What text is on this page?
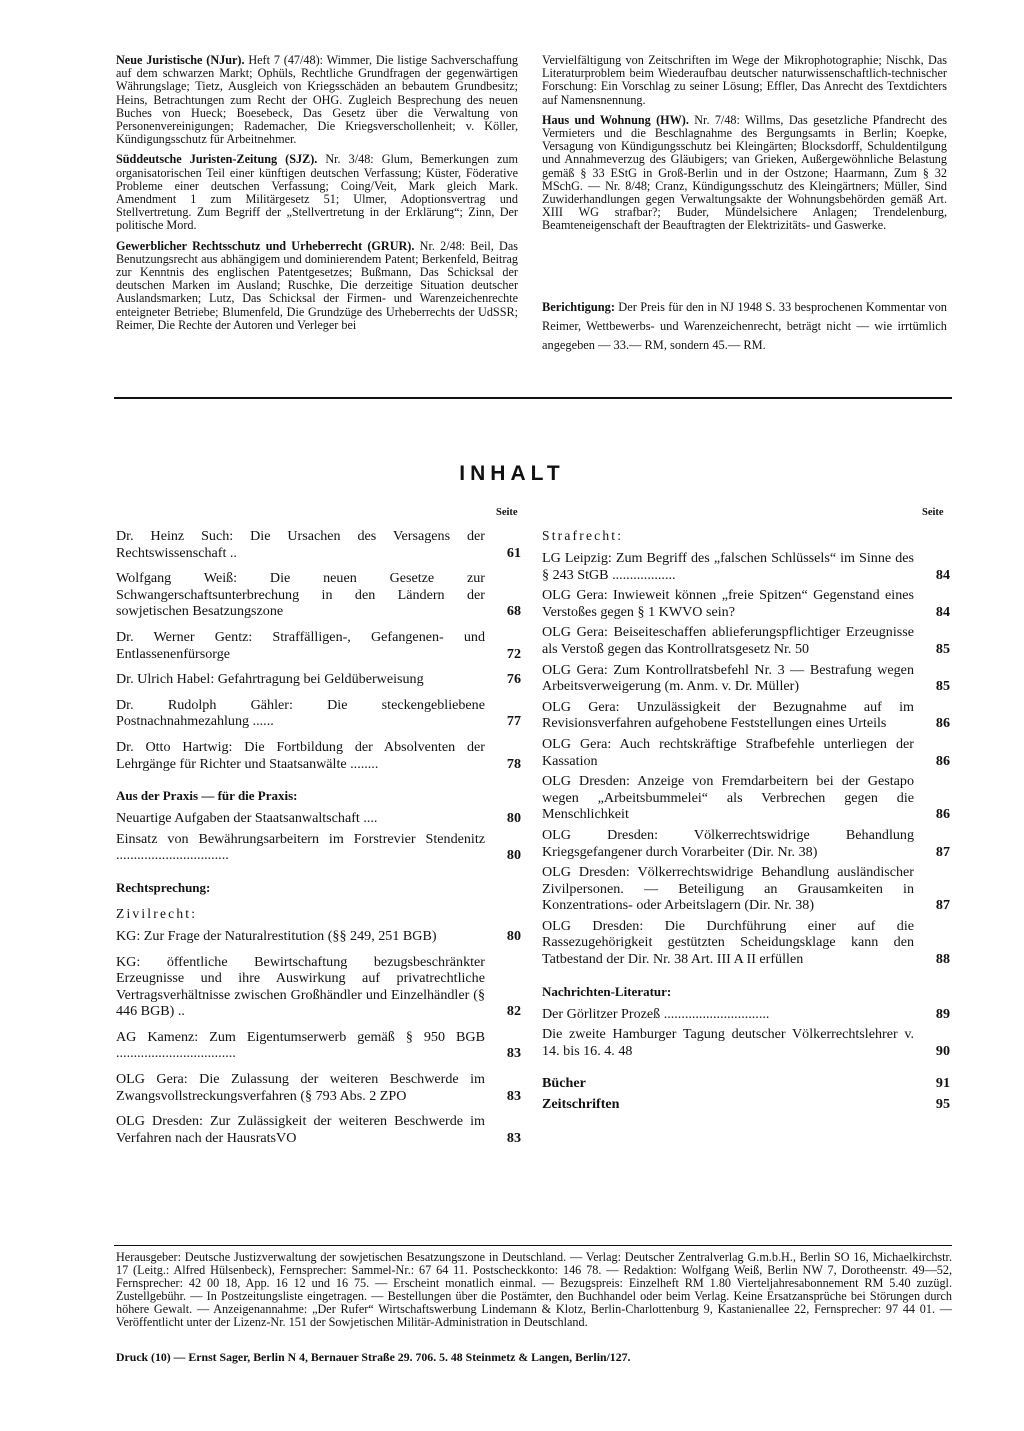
Neue Juristische (NJur). Heft 7 (47/48): Wimmer, Die listige Sachverschaffung auf dem schwarzen Markt; Ophüls, Rechtliche Grundfragen der gegenwärtigen Währungslage; Tietz, Ausgleich von Kriegsschäden an bebautem Grundbesitz; Heins, Betrachtungen zum Recht der OHG. Zugleich Besprechung des neuen Buches von Hueck; Boesebeck, Das Gesetz über die Verwaltung von Personenvereinigungen; Rademacher, Die Kriegsverschollenheit; v. Köller, Kündigungsschutz für Arbeitnehmer.

Süddeutsche Juristen-Zeitung (SJZ). Nr. 3/48: Glum, Bemerkungen zum organisatorischen Teil einer künftigen deutschen Verfassung; Küster, Föderative Probleme einer deutschen Verfassung; Coing/Veit, Mark gleich Mark. Amendment 1 zum Militärgesetz 51; Ulmer, Adoptionsvertrag und Stellvertretung. Zum Begriff der „Stellvertretung in der Erklärung“; Zinn, Der politische Mord.

Gewerblicher Rechtsschutz und Urheberrecht (GRUR). Nr. 2/48: Beil, Das Benutzungsrecht aus abhängigem und dominierendem Patent; Berkenfeld, Beitrag zur Kenntnis des englischen Patentgesetzes; Bußmann, Das Schicksal der deutschen Marken im Ausland; Ruschke, Die derzeitige Situation deutscher Auslandsmarken; Lutz, Das Schicksal der Firmen- und Warenzeichenrechte enteigneter Betriebe; Blumenfeld, Die Grundzüge des Urheberrechts der UdSSR; Reimer, Die Rechte der Autoren und Verleger bei

Vervielfältigung von Zeitschriften im Wege der Mikrophotographie; Nischk, Das Literaturproblem beim Wiederaufbau deutscher naturwissenschaftlich-technischer Forschung: Ein Vorschlag zu seiner Lösung; Effler, Das Anrecht des Textdichters auf Namensnennung.

Haus und Wohnung (HW). Nr. 7/48: Willms, Das gesetzliche Pfandrecht des Vermieters und die Beschlagnahme des Bergungsamts in Berlin; Koepke, Versagung von Kündigungsschutz bei Kleingärten; Blocksdorff, Schuldentilgung und Annahmeverzug des Gläubigers; van Grieken, Außergewöhnliche Belastung gemäß § 33 EStG in Groß-Berlin und in der Ostzone; Haarmann, Zum § 32 MSchG. — Nr. 8/48; Cranz, Kündigungsschutz des Kleingärtners; Müller, Sind Zuwiderhandlungen gegen Verwaltungsakte der Wohnungsbehörden gemäß Art. XIII WG strafbar?; Buder, Mündelsichere Anlagen; Trendelenburg, Beamteneigenschaft der Beauftragten der Elektrizitäts- und Gaswerke.

Berichtigung: Der Preis für den in NJ 1948 S. 33 besprochenen Kommentar von Reimer, Wettbewerbs- und Warenzeichenrecht, beträgt nicht — wie irrtümlich angegeben — 33.— RM, sondern 45.— RM.
INHALT
Seite	Seite
Dr. Heinz Such: Die Ursachen des Versagens der Rechtswissenschaft ..	61
Wolfgang Weiß: Die neuen Gesetze zur Schwangerschaftsunterbrechung in den Ländern der sowjetischen Besatzungszone	68
Dr. Werner Gentz: Straffälligen-, Gefangenen- und Entlassenenfürsorge	72
Dr. Ulrich Habel: Gefahrtragung bei Geldüberweisung	76
Dr. Rudolph Gähler: Die steckengebliebene Postnachnahmezahlung ......	77
Dr. Otto Hartwig: Die Fortbildung der Absolventen der Lehrgänge für Richter und Staatsanwälte ........	78
Aus der Praxis — für die Praxis:
Neuartige Aufgaben der Staatsanwaltschaft ....	80
Einsatz von Bewährungsarbeitern im Forstrevier Stendenitz ................................	80
Rechtsprechung:
Zivilrecht:
KG: Zur Frage der Naturalrestitution (§§ 249, 251 BGB)	80
KG: öffentliche Bewirtschaftung bezugsbeschränkter Erzeugnisse und ihre Auswirkung auf privatrechtliche Vertragsverhältnisse zwischen Großhändler und Einzelhändler (§ 446 BGB) ..	82
AG Kamenz: Zum Eigentumserwerb gemäß § 950 BGB ..................................	83
OLG Gera: Die Zulassung der weiteren Beschwerde im Zwangsvollstreckungsverfahren (§ 793 Abs. 2 ZPO	83
OLG Dresden: Zur Zulässigkeit der weiteren Beschwerde im Verfahren nach der HausratsVO	83
Strafrecht:
LG Leipzig: Zum Begriff des „falschen Schlüssels“ im Sinne des § 243 StGB ..................	84
OLG Gera: Inwieweit können „freie Spitzen“ Gegenstand eines Verstoßes gegen § 1 KWVO sein?	84
OLG Gera: Beiseiteschaffen ablieferungspflichtiger Erzeugnisse als Verstoß gegen das Kontrollratsgesetz Nr. 50	85
OLG Gera: Zum Kontrollratsbefehl Nr. 3 — Bestrafung wegen Arbeitsverweigerung (m. Anm. v. Dr. Müller)	85
OLG Gera: Unzulässigkeit der Bezugnahme auf im Revisionsverfahren aufgehobene Feststellungen eines Urteils	86
OLG Gera: Auch rechtskräftige Strafbefehle unterliegen der Kassation	86
OLG Dresden: Anzeige von Fremdarbeitern bei der Gestapo wegen „Arbeitsbummelei“ als Verbrechen gegen die Menschlichkeit	86
OLG Dresden: Völkerrechtswidrige Behandlung Kriegsgefangener durch Vorarbeiter (Dir. Nr. 38)	87
OLG Dresden: Völkerrechtswidrige Behandlung ausländischer Zivilpersonen. — Beteiligung an Grausamkeiten in Konzentrations- oder Arbeitslagern (Dir. Nr. 38)	87
OLG Dresden: Die Durchführung einer auf die Rassezugehörigkeit gestützten Scheidungsklage kann den Tatbestand der Dir. Nr. 38 Art. III A II erfüllen	88
Nachrichten-Literatur:
Der Görlitzer Prozeß ..............................	89
Die zweite Hamburger Tagung deutscher Völkerrechtslehrer v. 14. bis 16. 4. 48	90
Bücher	91
Zeitschriften	95
Herausgeber: Deutsche Justizverwaltung der sowjetischen Besatzungszone in Deutschland. — Verlag: Deutscher Zentralverlag G.m.b.H., Berlin SO 16, Michaelkirchstr. 17 (Leitg.: Alfred Hülsenbeck), Fernsprecher: Sammel-Nr.: 67 64 11. Postscheckkonto: 146 78. — Redaktion: Wolfgang Weiß, Berlin NW 7, Dorotheenstr. 49—52, Fernsprecher: 42 00 18, App. 16 12 und 16 75. — Erscheint monatlich einmal. — Bezugspreis: Einzelheft RM 1.80 Vierteljahresabonnement RM 5.40 zuzügl. Zustellgebühr. — In Postzeitungsliste eingetragen. — Bestellungen über die Postämter, den Buchhandel oder beim Verlag. Keine Ersatzansprüche bei Störungen durch höhere Gewalt. — Anzeigenannahme: „Der Rufer“ Wirtschaftswerbung Lindemann & Klotz, Berlin-Charlottenburg 9, Kastanienallee 22, Fernsprecher: 97 44 01. — Veröffentlicht unter der Lizenz-Nr. 151 der Sowjetischen Militär-Administration in Deutschland.
Druck (10) — Ernst Sager, Berlin N 4, Bernauer Straße 29. 706. 5. 48 Steinmetz & Langen, Berlin/127.
